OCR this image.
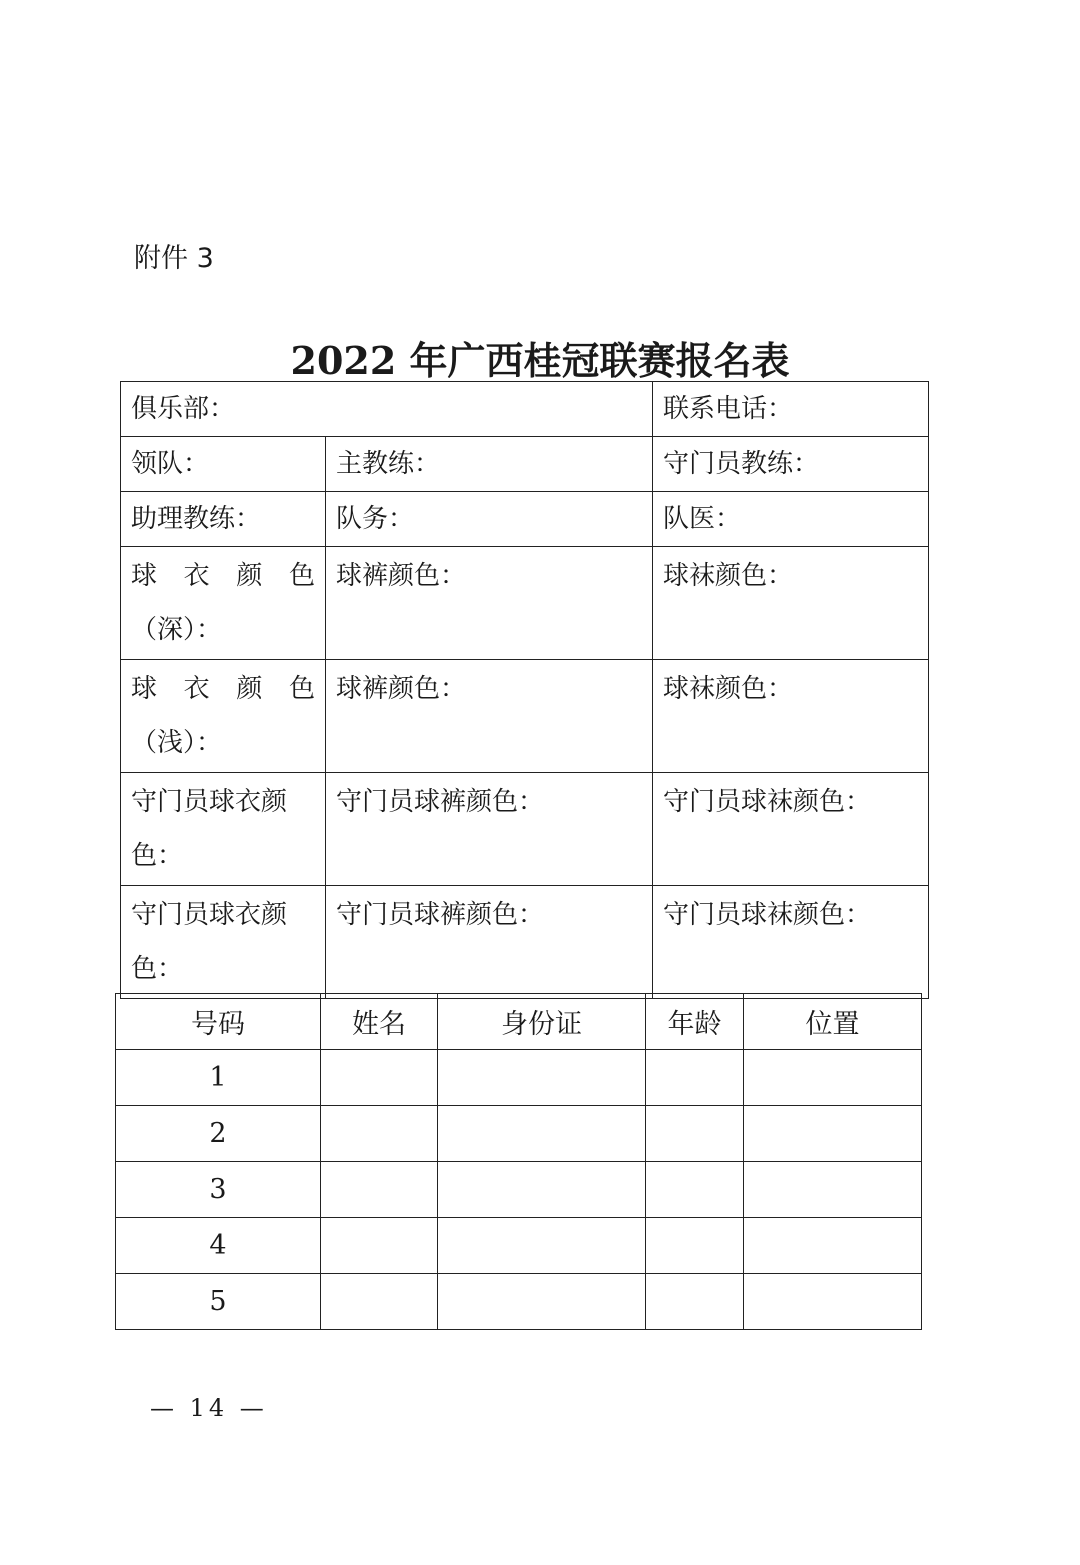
附件 3
2022 年广西桂冠联赛报名表
俱乐部：		联系电话：
领队：	主教练：	守门员教练：
助理教练：	队务：	队医：

球衣颜色
（深）：	球裤颜色：	球袜颜色：

球衣颜色
（浅）：	球裤颜色：	球袜颜色：
守门员球衣颜
色：	守门员球裤颜色：	守门员球袜颜色：
守门员球衣颜
色：	守门员球裤颜色：	守门员球袜颜色：
号码	姓名	身份证	年龄	位置
1				
2				
3				
4				
5				
— 14 —
